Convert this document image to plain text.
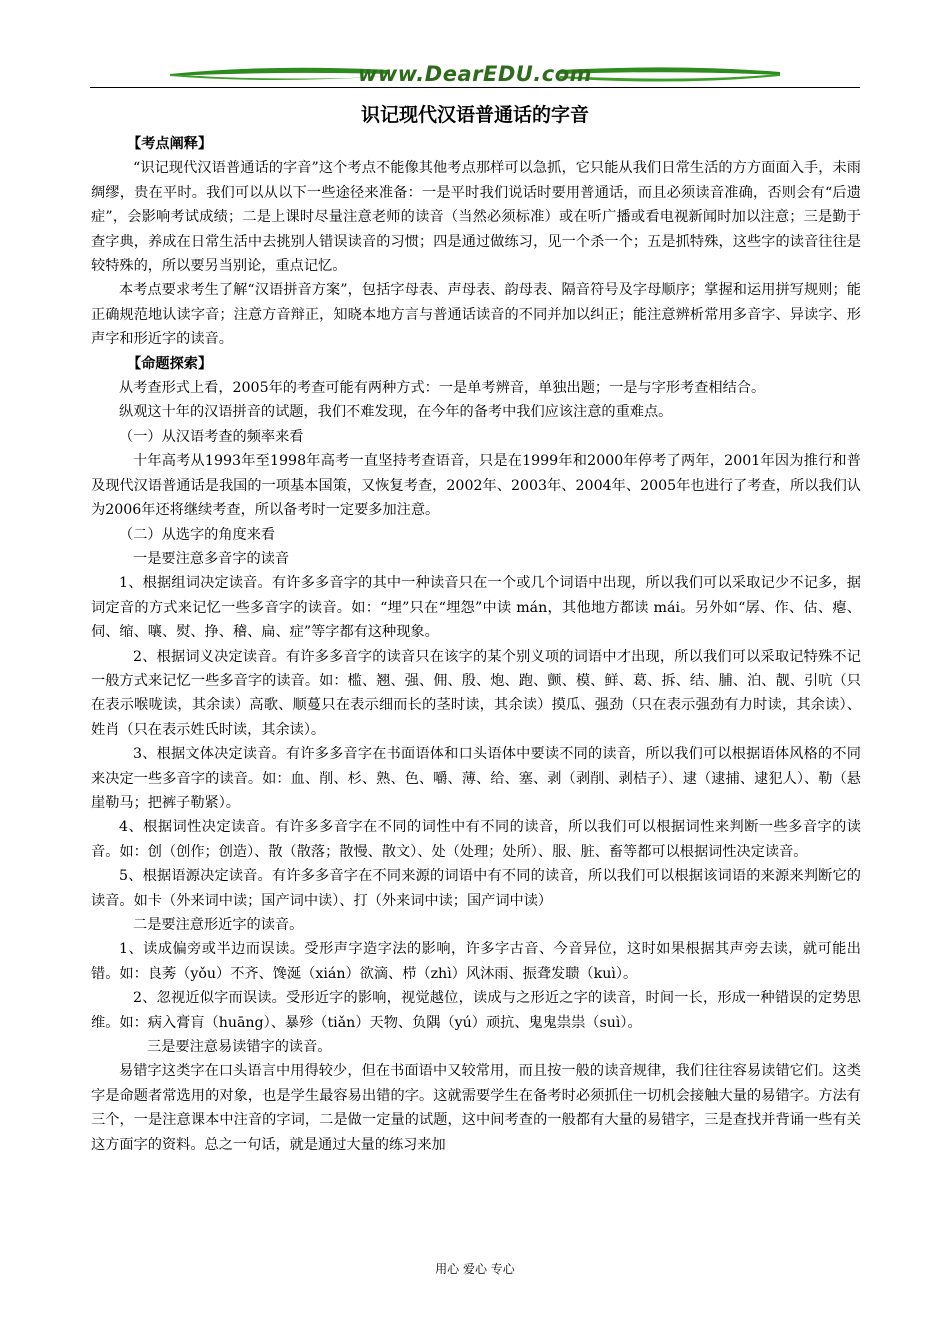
www.DearEDU.com
识记现代汉语普通话的字音

【考点阐释】

“识记现代汉语普通话的字音”这个考点不能像其他考点那样可以急抓，它只能从我们日常生活的方方面面入手，未雨绸缪，贵在平时。我们可以从以下一些途径来准备：一是平时我们说话时要用普通话，而且必须读音准确，否则会有“后遗症”，会影响考试成绩；二是上课时尽量注意老师的读音（当然必须标准）或在听广播或看电视新闻时加以注意；三是勤于查字典，养成在日常生活中去挑别人错误读音的习惯；四是通过做练习，见一个杀一个；五是抓特殊，这些字的读音往往是较特殊的，所以要另当别论，重点记忆。

本考点要求考生了解“汉语拼音方案”，包括字母表、声母表、韵母表、隔音符号及字母顺序；掌握和运用拼写规则；能正确规范地认读字音；注意方音辩正，知晓本地方言与普通话读音的不同并加以纠正；能注意辨析常用多音字、异读字、形声字和形近字的读音。

【命题探索】

从考查形式上看，2005年的考查可能有两种方式：一是单考辨音，单独出题；一是与字形考查相结合。

纵观这十年的汉语拼音的试题，我们不难发现，在今年的备考中我们应该注意的重难点。

（一）从汉语考查的频率来看

十年高考从1993年至1998年高考一直坚持考查语音，只是在1999年和2000年停考了两年，2001年因为推行和普及现代汉语普通话是我国的一项基本国策，又恢复考查，2002年、2003年、2004年、2005年也进行了考查，所以我们认为2006年还将继续考查，所以备考时一定要多加注意。

（二）从选字的角度来看

一是要注意多音字的读音

1、根据组词决定读音。有许多多音字的其中一种读音只在一个或几个词语中出现，所以我们可以采取记少不记多，据词定音的方式来记忆一些多音字的读音。如：“埋”只在“埋怨”中读 mán，其他地方都读 mái。另外如“孱、作、估、瘪、伺、缩、嚷、熨、挣、稽、扁、症”等字都有这种现象。

2、根据词义决定读音。有许多多音字的读音只在该字的某个别义项的词语中才出现，所以我们可以采取记特殊不记一般方式来记忆一些多音字的读音。如：槛、翘、强、佣、殷、炮、跑、颤、模、鲜、葛、拆、结、脯、泊、靓、引吭（只在表示喉咙读，其余读）高歌、顺蔓只在表示细而长的茎时读，其余读）摸瓜、强劲（只在表示强劲有力时读，其余读）、姓肖（只在表示姓氏时读，其余读）。

3、根据文体决定读音。有许多多音字在书面语体和口头语体中要读不同的读音，所以我们可以根据语体风格的不同来决定一些多音字的读音。如：血、削、杉、熟、色、嚼、薄、给、塞、剥（剥削、剥桔子）、逮（逮捕、逮犯人）、勒（悬崖勒马；把裤子勒紧）。

4、根据词性决定读音。有许多多音字在不同的词性中有不同的读音，所以我们可以根据词性来判断一些多音字的读音。如：创（创作；创造）、散（散落；散慢、散文）、处（处理；处所）、服、脏、畜等都可以根据词性决定读音。

5、根据语源决定读音。有许多多音字在不同来源的词语中有不同的读音，所以我们可以根据该词语的来源来判断它的读音。如卡（外来词中读；国产词中读）、打（外来词中读；国产词中读）

二是要注意形近字的读音。

1、读成偏旁或半边而误读。受形声字造字法的影响，许多字古音、今音异位，这时如果根据其声旁去读，就可能出错。如：良莠（yǒu）不齐、馋涎（xián）欲滴、栉（zhì）风沐雨、振聋发聩（kuì）。

2、忽视近似字而误读。受形近字的影响，视觉越位，读成与之形近之字的读音，时间一长，形成一种错误的定势思维。如：病入膏肓（huāng）、暴殄（tiǎn）天物、负隅（yú）顽抗、鬼鬼祟祟（suì）。

三是要注意易读错字的读音。

易错字这类字在口头语言中用得较少，但在书面语中又较常用，而且按一般的读音规律，我们往往容易读错它们。这类字是命题者常选用的对象，也是学生最容易出错的字。这就需要学生在备考时必须抓住一切机会接触大量的易错字。方法有三个，一是注意课本中注音的字词，二是做一定量的试题，这中间考查的一般都有大量的易错字，三是查找并背诵一些有关这方面字的资料。总之一句话，就是通过大量的练习来加

用心 爱心 专心
